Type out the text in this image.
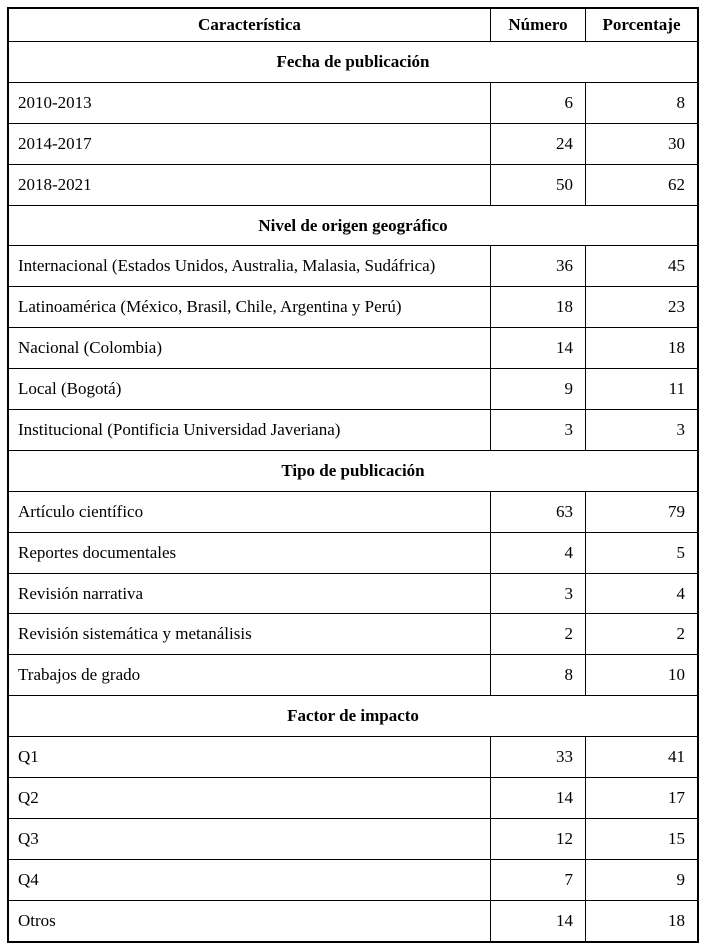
Característica	Número	Porcentaje
Fecha de publicación		
2010-2013	6	8
2014-2017	24	30
2018-2021	50	62
Nivel de origen geográfico		
Internacional (Estados Unidos, Australia, Malasia, Sudáfrica)	36	45
Latinoamérica (México, Brasil, Chile, Argentina y Perú)	18	23
Nacional (Colombia)	14	18
Local (Bogotá)	9	11
Institucional (Pontificia Universidad Javeriana)	3	3
Tipo de publicación		
Artículo científico	63	79
Reportes documentales	4	5
Revisión narrativa	3	4
Revisión sistemática y metanálisis	2	2
Trabajos de grado	8	10
Factor de impacto		
Q1	33	41
Q2	14	17
Q3	12	15
Q4	7	9
Otros	14	18
